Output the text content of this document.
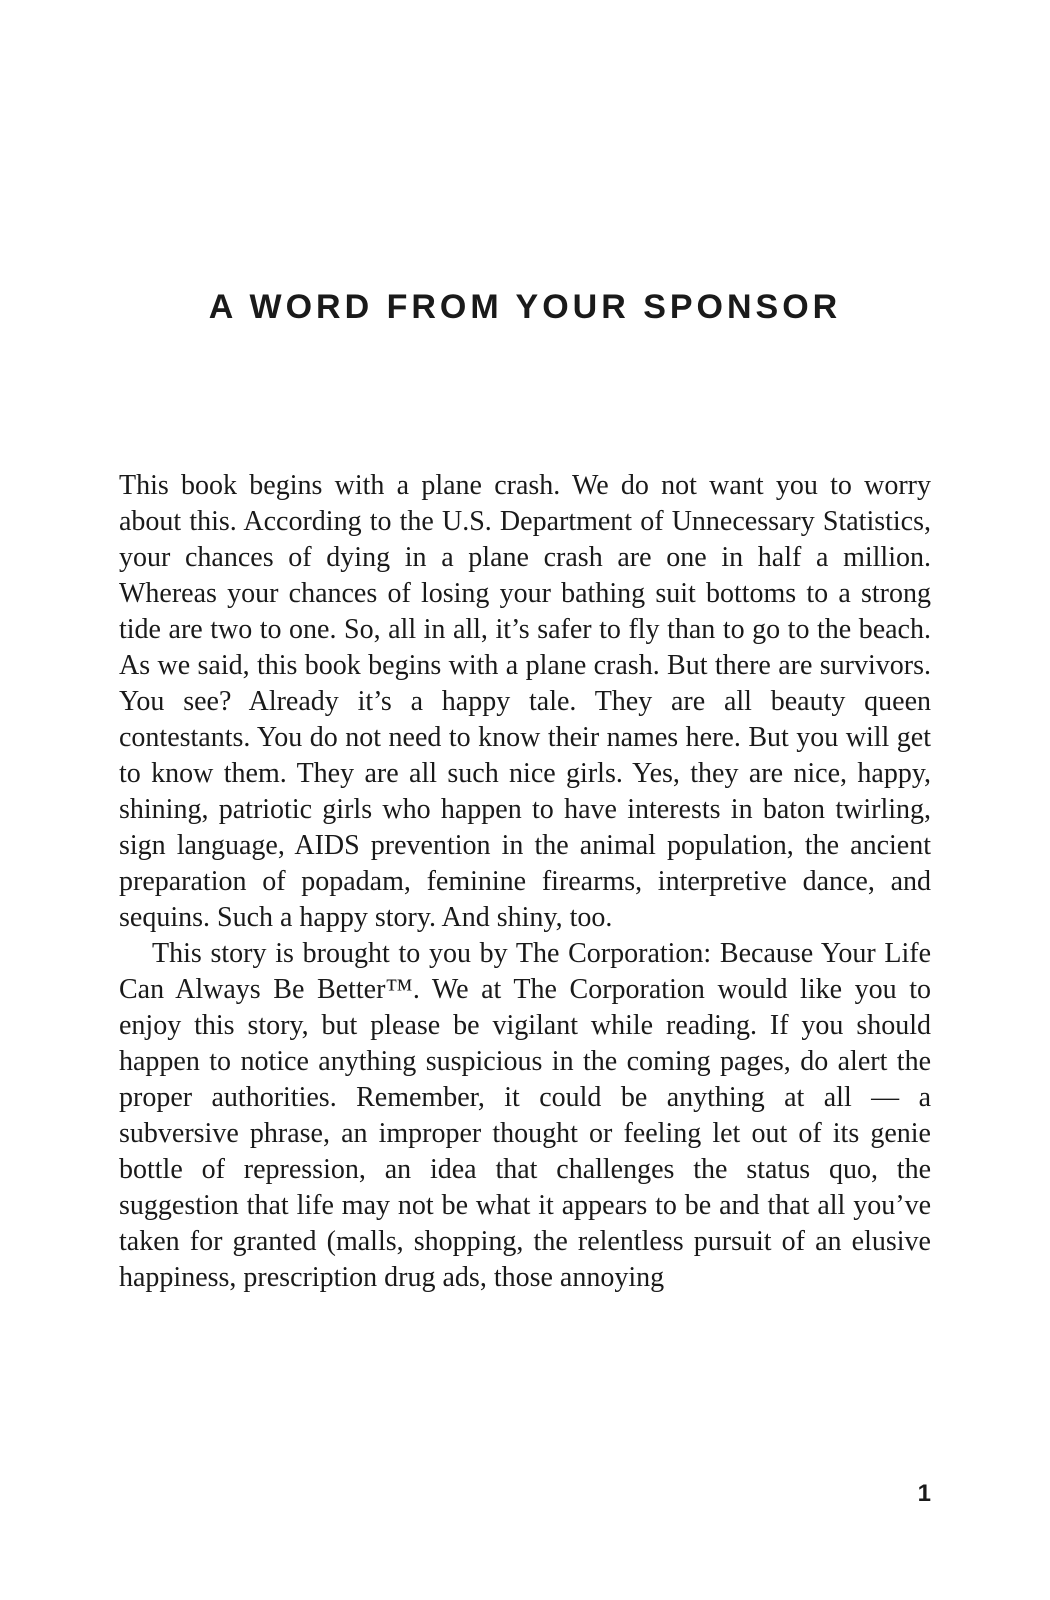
A WORD FROM YOUR SPONSOR

This book begins with a plane crash. We do not want you to worry about this. According to the U.S. Department of Unnecessary Statistics, your chances of dying in a plane crash are one in half a million. Whereas your chances of losing your bathing suit bottoms to a strong tide are two to one. So, all in all, it’s safer to fly than to go to the beach. As we said, this book begins with a plane crash. But there are survivors. You see? Already it’s a happy tale. They are all beauty queen contestants. You do not need to know their names here. But you will get to know them. They are all such nice girls. Yes, they are nice, happy, shining, patriotic girls who happen to have interests in baton twirling, sign language, AIDS prevention in the animal population, the ancient preparation of popadam, feminine firearms, interpretive dance, and sequins. Such a happy story. And shiny, too.

This story is brought to you by The Corporation: Because Your Life Can Always Be Better™. We at The Corporation would like you to enjoy this story, but please be vigilant while reading. If you should happen to notice anything suspicious in the coming pages, do alert the proper authorities. Remember, it could be anything at all — a subversive phrase, an improper thought or feeling let out of its genie bottle of repression, an idea that challenges the status quo, the suggestion that life may not be what it appears to be and that all you’ve taken for granted (malls, shopping, the relentless pursuit of an elusive happiness, prescription drug ads, those annoying

1
